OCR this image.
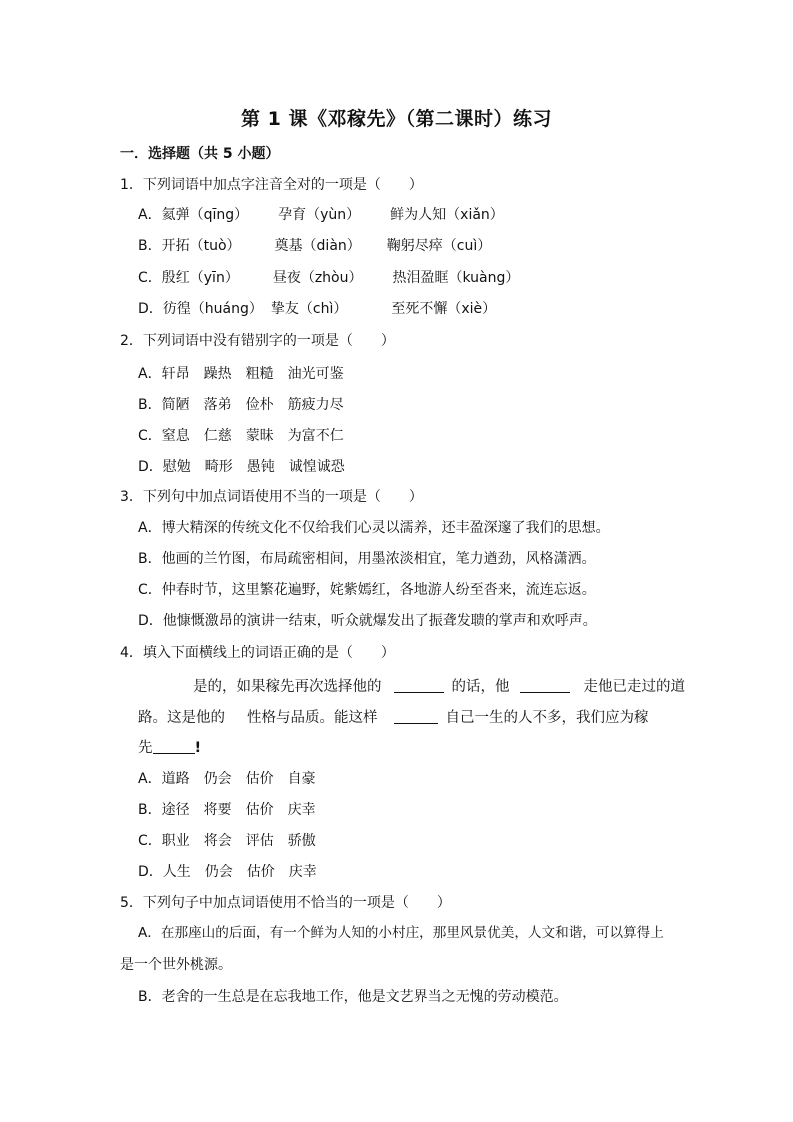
第 1 课《邓稼先》（第二课时）练习
一．选择题（共 5 小题）
1．下列词语中加点字注音全对的一项是（　　）
A．氦弹（qīng） 孕育（yùn） 鲜为人知（xiǎn）
B．开拓（tuò） 奠基（diàn） 鞠躬尽瘁（cuì）
C．殷红（yīn） 昼夜（zhòu） 热泪盈眶（kuàng）
D．彷徨（huáng） 挚友（chì）	至死不懈（xiè）
2．下列词语中没有错别字的一项是（　　）
A．轩昂 躁热 粗糙 油光可鉴
B．简陋 落弟 俭朴 筋疲力尽
C．窒息 仁慈 蒙昧 为富不仁
D．慰勉 畸形 愚钝 诚惶诚恐
3．下列句中加点词语使用不当的一项是（　　）
A．博大精深的传统文化不仅给我们心灵以濡养，还丰盈深邃了我们的思想。
B．他画的兰竹图，布局疏密相间，用墨浓淡相宜，笔力遒劲，风格潇洒。
C．仲春时节，这里繁花遍野，姹紫嫣红，各地游人纷至沓来，流连忘返。
D．他慷慨激昂的演讲一结束，听众就爆发出了振聋发聩的掌声和欢呼声。
4．填入下面横线上的词语正确的是（　　）
是的，如果稼先再次选择他的	的话，他	走他已走过的道
路。这是他的 性格与品质。能这样	自己一生的人不多，我们应为稼
先	!
A．道路 仍会 估价 自豪
B．途径 将要 估价 庆幸
C．职业 将会 评估 骄傲
D．人生 仍会 估价 庆幸
5．下列句子中加点词语使用不恰当的一项是（　　）
A．在那座山的后面，有一个鲜为人知的小村庄，那里风景优美，人文和谐，可以算得上
是一个世外桃源。
B．老舍的一生总是在忘我地工作，他是文艺界当之无愧的劳动模范。
